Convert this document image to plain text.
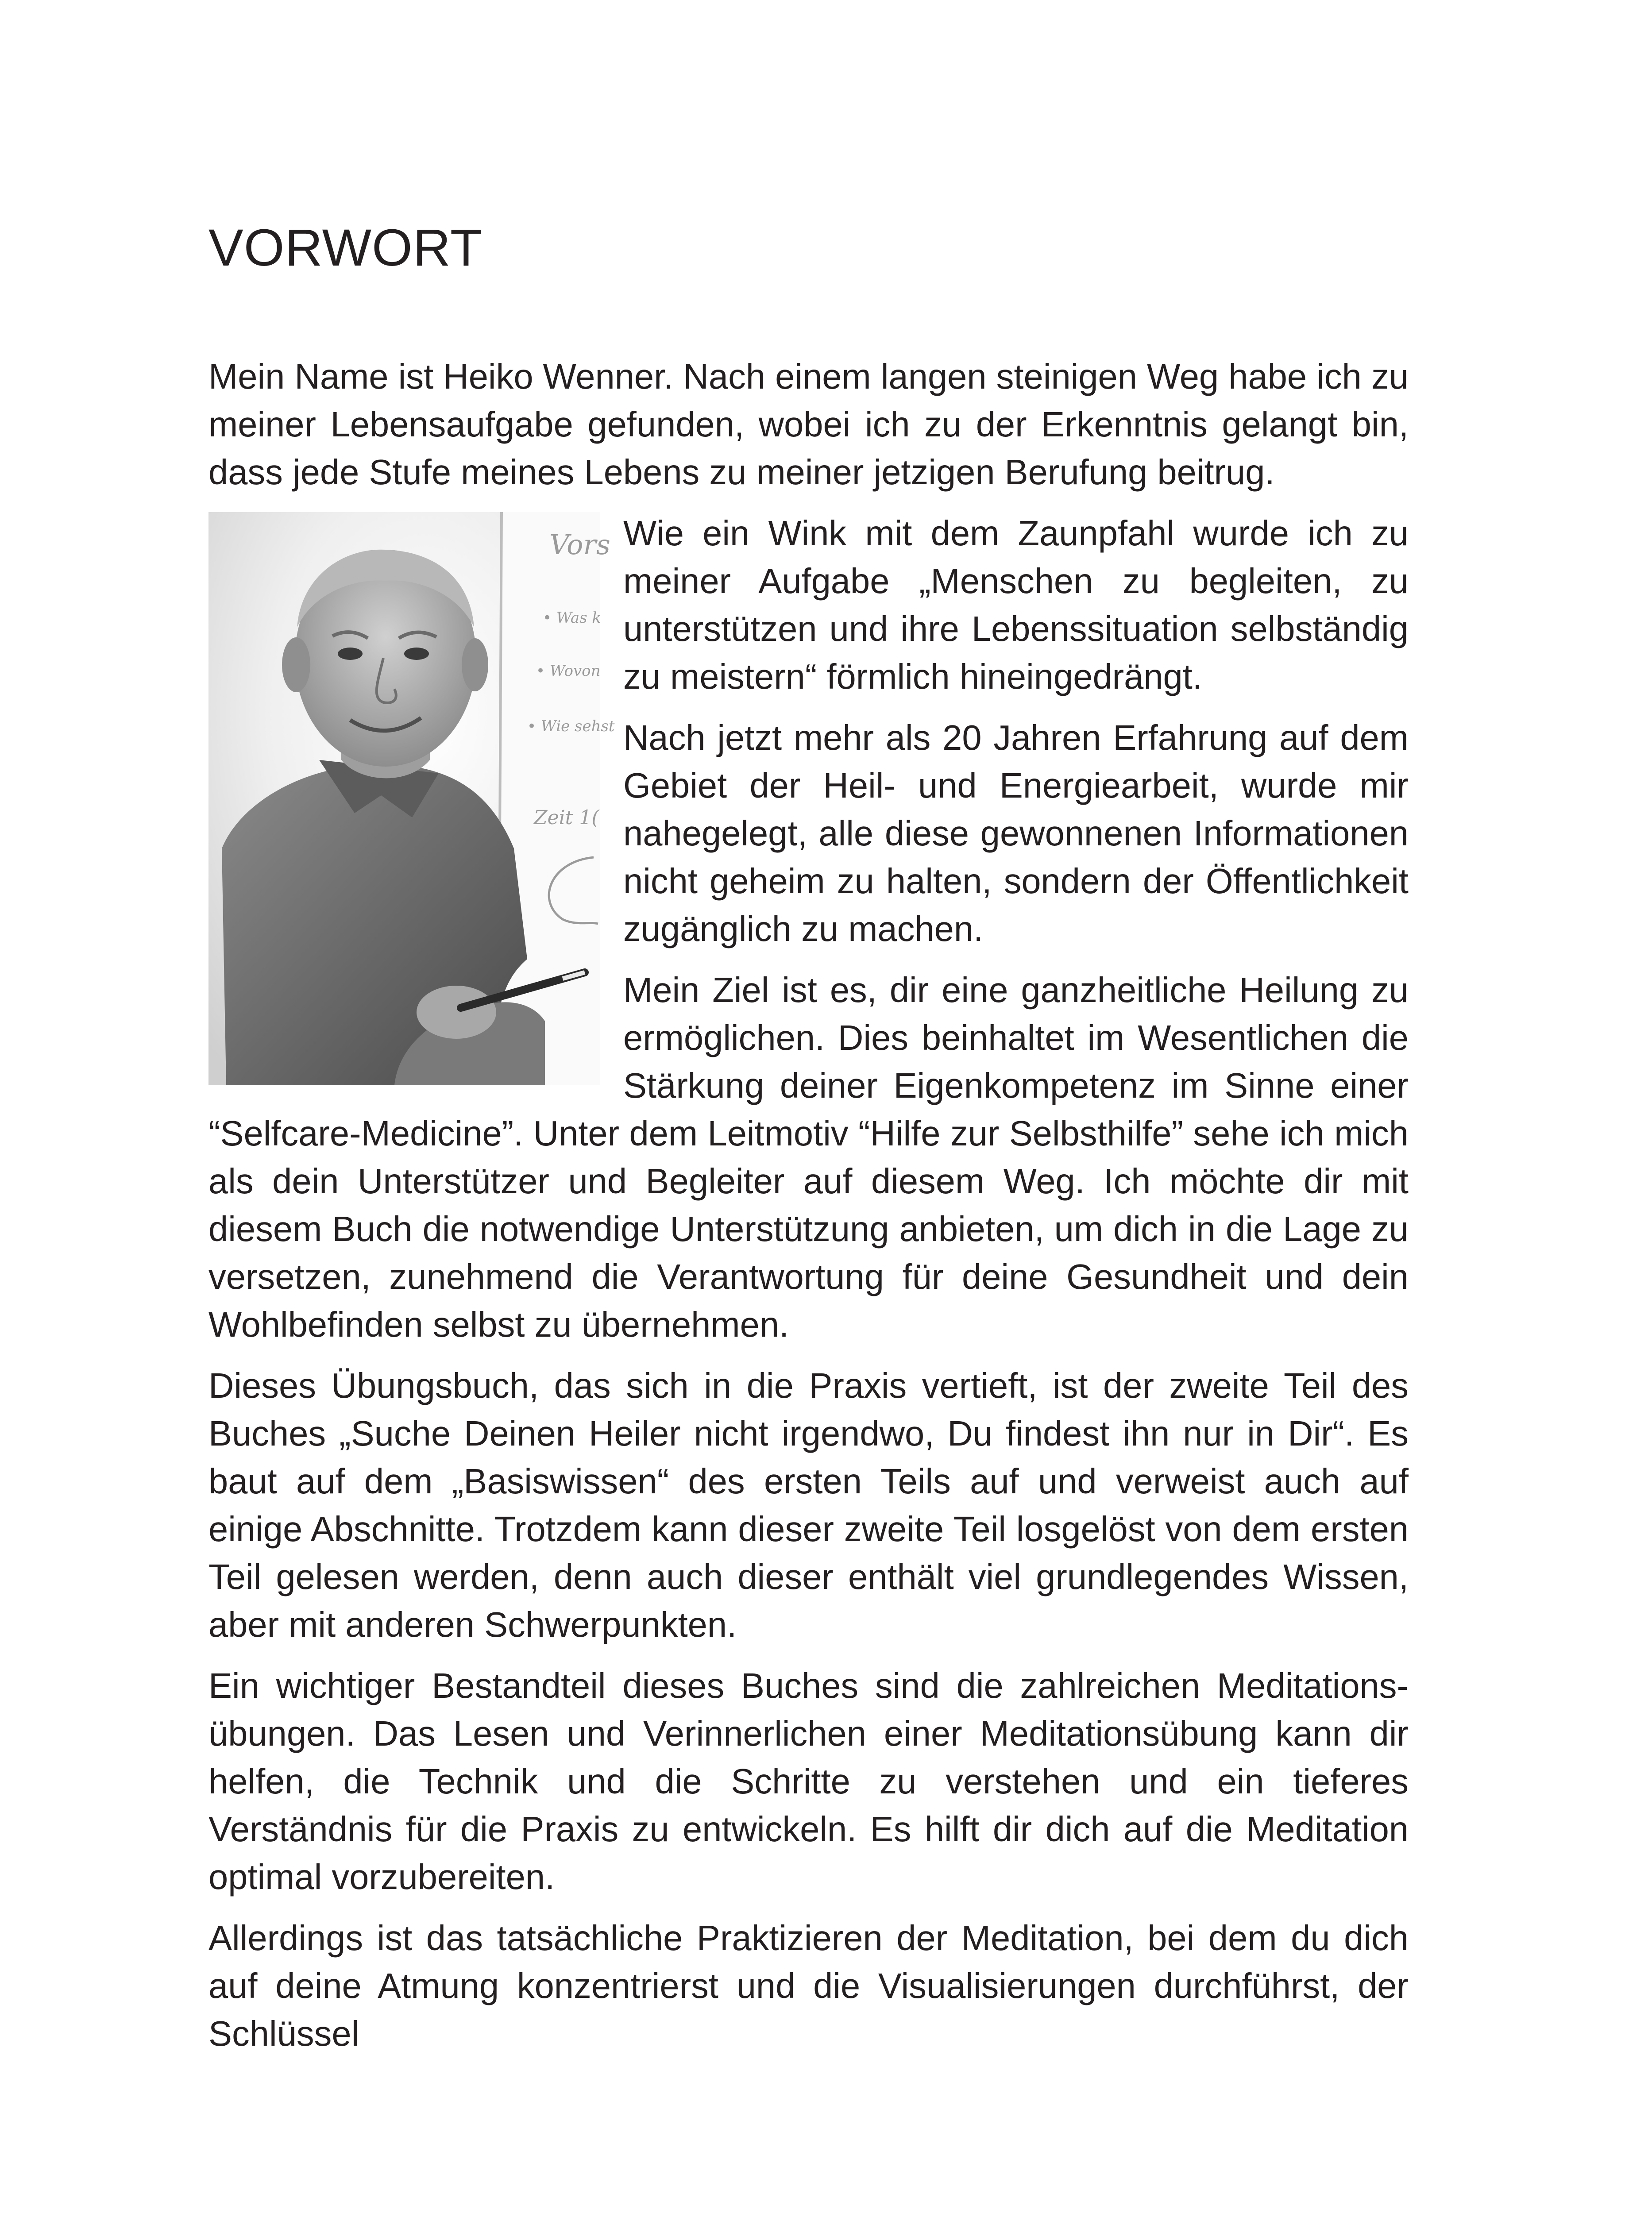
VORWORT

Mein Name ist Heiko Wenner. Nach einem langen steinigen Weg habe ich zu meiner Lebensaufgabe gefunden, wobei ich zu der Erkenntnis gelangt bin, dass jede Stufe meines Lebens zu meiner jetzigen Berufung beitrug.

Vors
• Was k
• Wovon
• Wie sehst
Zeit 1(

Wie ein Wink mit dem Zaunpfahl wurde ich zu meiner Aufgabe „Menschen zu begleiten, zu unterstützen und ihre Lebenssituation selbständig zu meistern“ förmlich hineingedrängt.

Nach jetzt mehr als 20 Jahren Erfahrung auf dem Gebiet der Heil- und Energiearbeit, wurde mir nahegelegt, alle diese gewonnenen Informationen nicht geheim zu halten, sondern der Öffentlichkeit zugänglich zu machen.

Mein Ziel ist es, dir eine ganzheitliche Heilung zu ermöglichen. Dies beinhaltet im Wesentlichen die Stärkung deiner Eigenkompetenz im Sinne einer “Selfcare-Medicine”. Unter dem Leitmotiv “Hilfe zur Selbsthilfe” sehe ich mich als dein Unterstützer und Begleiter auf diesem Weg. Ich möchte dir mit diesem Buch die notwendige Unterstützung anbieten, um dich in die Lage zu versetzen, zunehmend die Verantwortung für deine Gesundheit und dein Wohlbefinden selbst zu übernehmen.

Dieses Übungsbuch, das sich in die Praxis vertieft, ist der zweite Teil des Buches „Suche Deinen Heiler nicht irgendwo, Du findest ihn nur in Dir“. Es baut auf dem „Basiswissen“ des ersten Teils auf und verweist auch auf einige Abschnitte. Trotzdem kann dieser zweite Teil losgelöst von dem ersten Teil gelesen werden, denn auch dieser enthält viel grundlegendes Wissen, aber mit anderen Schwerpunkten.

Ein wichtiger Bestandteil dieses Buches sind die zahlreichen Meditationsübungen. Das Lesen und Verinnerlichen einer Meditationsübung kann dir helfen, die Technik und die Schritte zu verstehen und ein tieferes Verständnis für die Praxis zu entwickeln. Es hilft dir dich auf die Meditation optimal vorzubereiten.

Allerdings ist das tatsächliche Praktizieren der Meditation, bei dem du dich auf deine Atmung konzentrierst und die Visualisierungen durchführst, der Schlüssel
